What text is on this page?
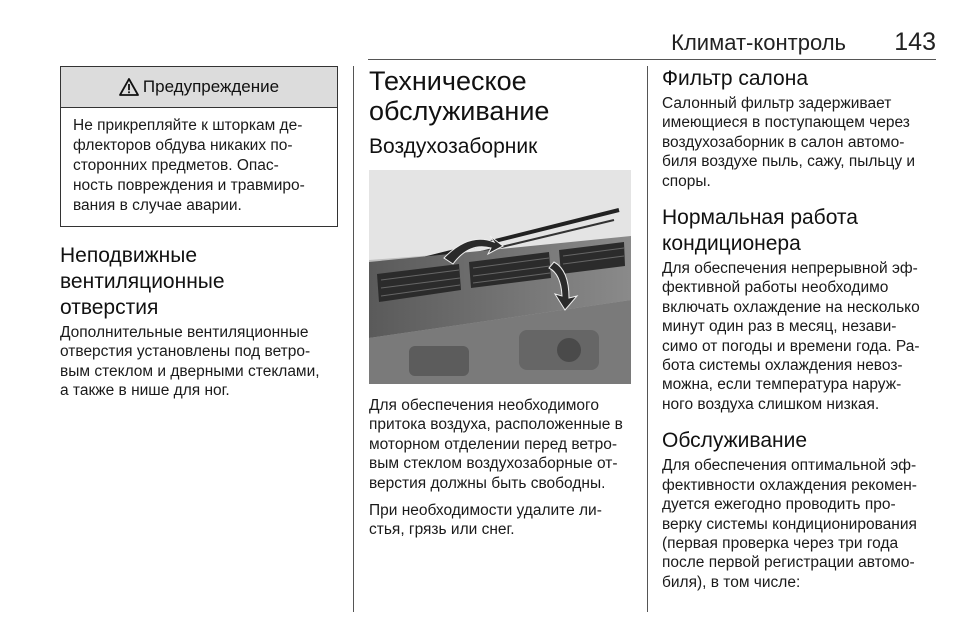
Климат-контроль 143
Предупреждение
Не прикрепляйте к шторкам де-
флекторов обдува никаких по-
сторонних предметов. Опас-
ность повреждения и травмиро-
вания в случае аварии.
Неподвижные
вентиляционные
отверстия

Дополнительные вентиляционные
отверстия установлены под ветро-
вым стеклом и дверными стеклами,
а также в нише для ног.

Техническое
обслуживание
Воздухозаборник

Для обеспечения необходимого
притока воздуха, расположенные в
моторном отделении перед ветро-
вым стеклом воздухозаборные от-
верстия должны быть свободны.

При необходимости удалите ли-
стья, грязь или снег.

Фильтр салона

Салонный фильтр задерживает
имеющиеся в поступающем через
воздухозаборник в салон автомо-
биля воздухе пыль, сажу, пыльцу и
споры.

Нормальная работа
кондиционера

Для обеспечения непрерывной эф-
фективной работы необходимо
включать охлаждение на несколько
минут один раз в месяц, незави-
симо от погоды и времени года. Ра-
бота системы охлаждения невоз-
можна, если температура наруж-
ного воздуха слишком низкая.

Обслуживание

Для обеспечения оптимальной эф-
фективности охлаждения рекомен-
дуется ежегодно проводить про-
верку системы кондиционирования
(первая проверка через три года
после первой регистрации автомо-
биля), в том числе:
